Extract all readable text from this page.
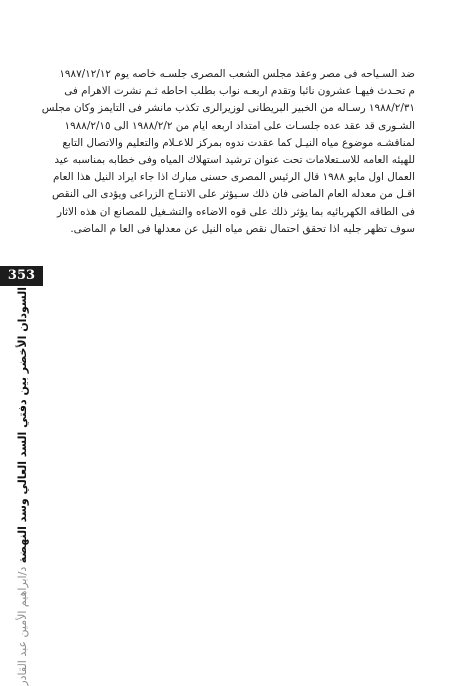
ضد السـياحه فى مصر وعقد مجلس الشعب المصرى جلسـه خاصه يوم ١٩٨٧/١٢/١٢
م تحـدث فيهـا عشرون نائبا وتقدم اربعـه نواب بطلب احاطه ثـم نشرت الاهرام فى
١٩٨٨/٢/٣١ رسـاله من الخبير البريطانى لوزيرالرى تكذب مانشر فى التايمز وكان مجلس
الشـورى قد عقد عده جلسـات على امتداد اربعه ايام من ١٩٨٨/٢/٢ الى ١٩٨٨/٢/١٥
لمناقشـه موضوع مياه النيـل كما عقدت ندوه بمركز للاعـلام والتعليم والاتصال التابع
للهيئه العامه للاسـتعلامات تحت عنوان ترشيد استهلاك المياه وفى خطابه بمناسبه عيد
العمال اول مايو ١٩٨٨ قال الرئيس المصرى حسنى مبارك اذا جاء ايراد النيل هذا العام
اقـل من معدله العام الماضى فان ذلك سـيؤثر على الانتـاج الزراعى ويؤدى الى النقص
فى الطاقه الكهربائيه بما يؤثر ذلك على قوه الاضاءه والتشـغيل للمصانع ان هذه الاثار
سوف تظهر جليه اذا تحقق احتمال نقص مياه النيل عن معدلها فى العا م الماضى.
353
السودان الأخضر بين دفتي السد العالي وسد النهضة د/ابراهيم الأمين عبد القادر
